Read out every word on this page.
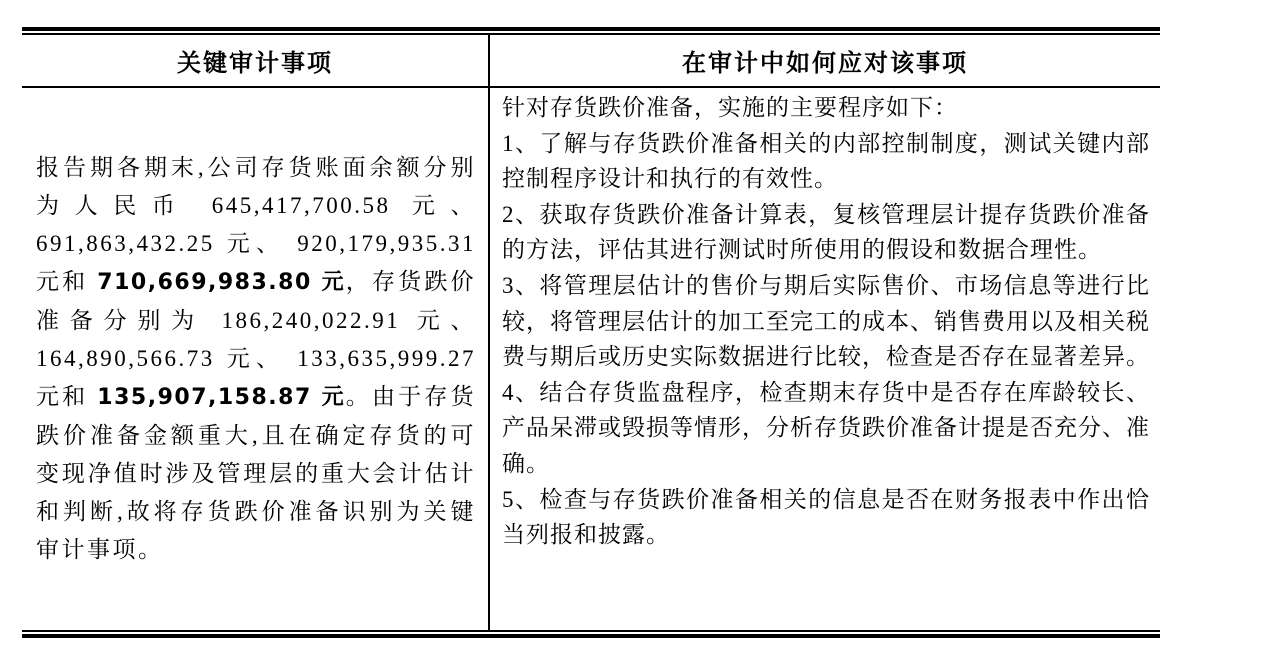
关键审计事项	在审计中如何应对该事项
报告期各期末,公司存货账面余额分别为人民币 645,417,700.58 元、691,863,432.25 元、 920,179,935.31 元和 710,669,983.80 元，存货跌价准备分别为 186,240,022.91 元、164,890,566.73 元、 133,635,999.27 元和 135,907,158.87 元。由于存货跌价准备金额重大,且在确定存货的可变现净值时涉及管理层的重大会计估计和判断,故将存货跌价准备识别为关键审计事项。

针对存货跌价准备，实施的主要程序如下：

1、了解与存货跌价准备相关的内部控制制度，测试关键内部控制程序设计和执行的有效性。

2、获取存货跌价准备计算表，复核管理层计提存货跌价准备的方法，评估其进行测试时所使用的假设和数据合理性。

3、将管理层估计的售价与期后实际售价、市场信息等进行比较，将管理层估计的加工至完工的成本、销售费用以及相关税费与期后或历史实际数据进行比较，检查是否存在显著差异。

4、结合存货监盘程序，检查期末存货中是否存在库龄较长、产品呆滞或毁损等情形，分析存货跌价准备计提是否充分、准确。

5、检查与存货跌价准备相关的信息是否在财务报表中作出恰当列报和披露。
